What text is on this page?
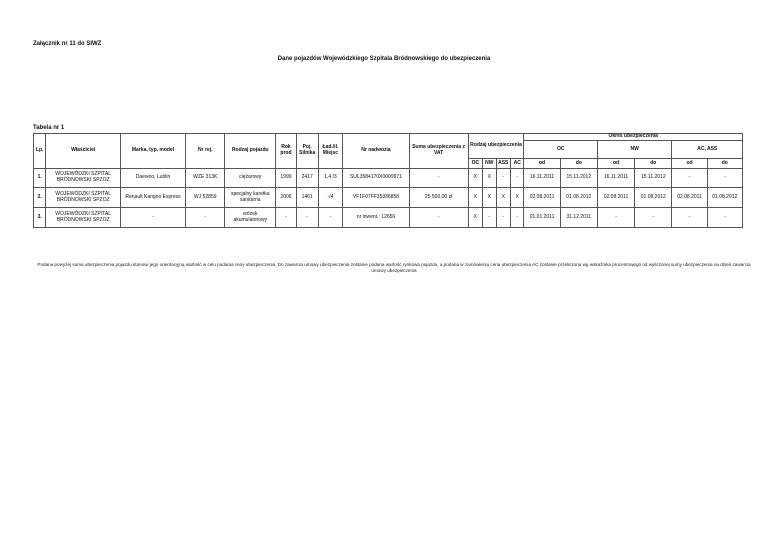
Załącznik nr 11 do SIWZ
Dane pojazdów Wojewódzkiego Szpitala Bródnowskiego do ubezpieczenia
Tabela nr 1
Lp.	Właściciel	Marka, typ, model	Nr rej.	Rodzaj pojazdu	Rok prod	Poj. Silnika	Ład./il. Miejsc	Nr nadwozia	Suma ubezpieczenia z VAT	Rodzaj ubezpieczenia				Okres ubezpieczenia					
														OC		NW		AC, ASS	
										OC	NW	ASS	AC	od	do	od	do	od	do
1.	WOJEWÓDZKI SZPITAL BRÓDNOWSKI SPZOZ	Daewoo, Lublin	WZE 313K	ciężarowy	1999	2417	1,4 /3	SUL3584170X0009971	-	X	X	-	-	16.11.2011	15.11.2012	16.11.2011	15.11.2012	-	-
2.	WOJEWÓDZKI SZPITAL BRÓDNOWSKI SPZOZ	Renault Kangoo Express	WJ 52859	specjalny karetka sanitarna	2006	1461	-/4	VF1F07FF35336858	25 500,00 zł	X	X	X	X	02.08.2011	01.08.2012	02.08.2011	01.08.2012	02.08.2011	01.08.2012
3.	WOJEWÓDZKI SZPITAL BRÓDNOWSKI SPZOZ	-	-	wózek akumulatorowy	-	-	-	nr inwent.: 12656	-	X	-	-	-	01.01.2011	31.12.2011	-	-	-	-
Podana powyżej suma ubezpieczenia pojazdu stanowi jego orientacyjną wartość w celu podania ceny ubezpieczenia. Do zawarcia umowy ubezpieczenia zostanie podana wartość rynkowa pojazdu, a podana w zamówieniu cena ubezpieczenia AC zostanie przeliczona wg wskaźnika procentowego od wyliczonej sumy ubezpieczenia na dzień zawarcia umowy ubezpieczenia
